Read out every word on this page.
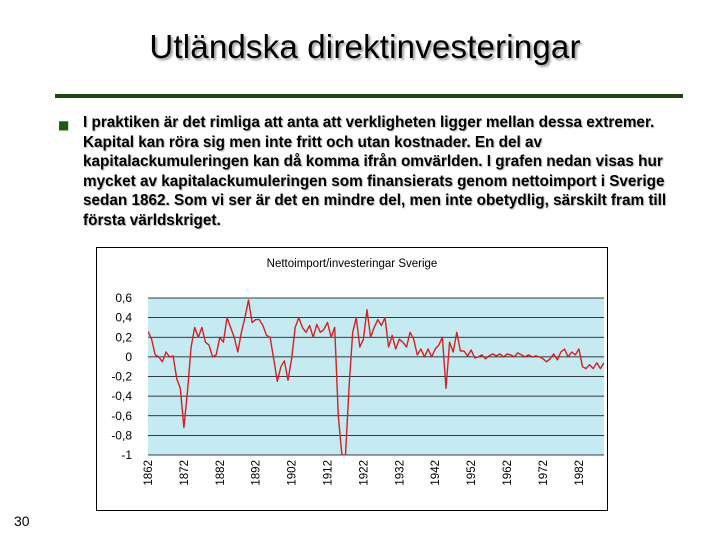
Utländska direktinvesteringar
■ I praktiken är det rimliga att anta att verkligheten ligger mellan dessa extremer. Kapital kan röra sig men inte fritt och utan kostnader. En del av kapitalackumuleringen kan då komma ifrån omvärlden. I grafen nedan visas hur mycket av kapitalackumuleringen som finansierats genom nettoimport i Sverige sedan 1862. Som vi ser är det en mindre del, men inte obetydlig, särskilt fram till första världskriget.
Nettoimport/investeringar Sverige
0,6
0,4
0,2
0
-0,2
-0,4
-0,6
-0,8
-1
1862 1872 1882 1892 1902 1912 1922 1932 1942 1952 1962 1972 1982
30
